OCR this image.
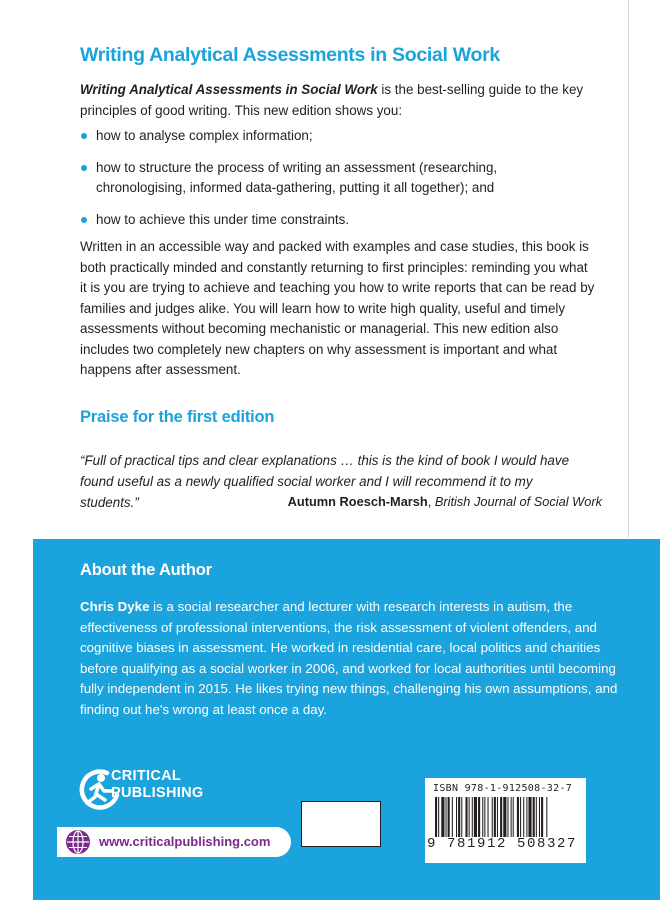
Writing Analytical Assessments in Social Work

Writing Analytical Assessments in Social Work is the best-selling guide to the key principles of good writing. This new edition shows you:

how to analyse complex information;
how to structure the process of writing an assessment (researching, chronologising, informed data-gathering, putting it all together); and
how to achieve this under time constraints.

Written in an accessible way and packed with examples and case studies, this book is both practically minded and constantly returning to first principles: reminding you what it is you are trying to achieve and teaching you how to write reports that can be read by families and judges alike. You will learn how to write high quality, useful and timely assessments without becoming mechanistic or managerial. This new edition also includes two completely new chapters on why assessment is important and what happens after assessment.

Praise for the first edition

“Full of practical tips and clear explanations … this is the kind of book I would have found useful as a newly qualified social worker and I will recommend it to my students.”	Autumn Roesch-Marsh, British Journal of Social Work
About the Author

Chris Dyke is a social researcher and lecturer with research interests in autism, the effectiveness of professional interventions, the risk assessment of violent offenders, and cognitive biases in assessment. He worked in residential care, local politics and charities before qualifying as a social worker in 2006, and worked for local authorities until becoming fully independent in 2015. He likes trying new things, challenging his own assumptions, and finding out he's wrong at least once a day.

CRITICAL
PUBLISHING
www.criticalpublishing.com
ISBN 978-1-912508-32-7
9 781912 508327
